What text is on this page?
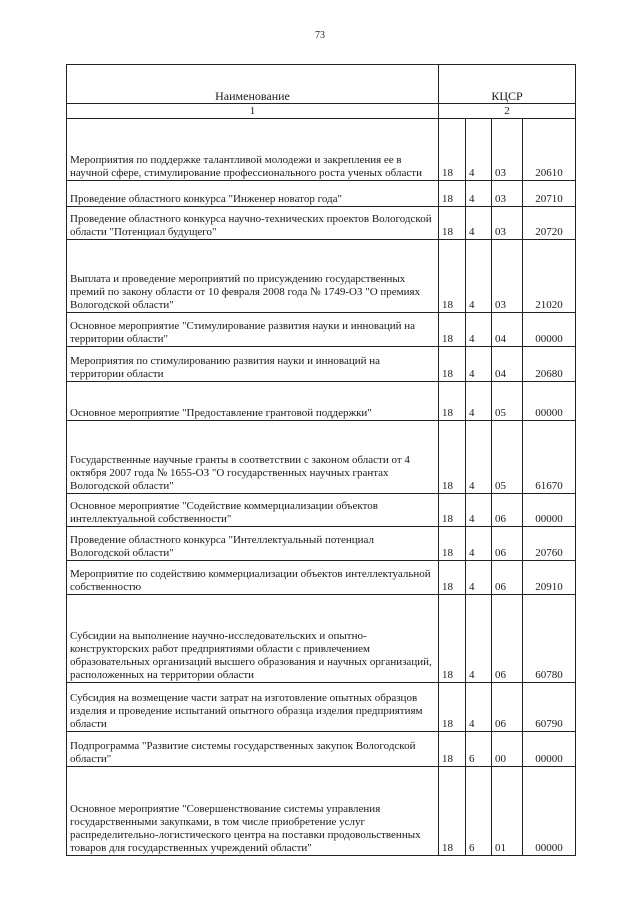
73
Наименование	КЦСР			
1	2			
Мероприятия по поддержке талантливой молодежи и закрепления ее в научной сфере, стимулирование профессионального роста ученых области	18	4	03	20610
Проведение областного конкурса "Инженер новатор года"	18	4	03	20710
Проведение областного конкурса научно-технических проектов Вологодской области "Потенциал будущего"	18	4	03	20720
Выплата и проведение мероприятий по присуждению государственных премий по закону области от 10 февраля 2008 года № 1749-ОЗ "О премиях Вологодской области"	18	4	03	21020
Основное мероприятие "Стимулирование развития науки и инноваций на территории области"	18	4	04	00000
Мероприятия по стимулированию развития науки и инноваций на территории области	18	4	04	20680
Основное мероприятие "Предоставление грантовой поддержки"	18	4	05	00000
Государственные научные гранты в соответствии с законом области от 4 октября 2007 года № 1655-ОЗ "О государственных научных грантах Вологодской области"	18	4	05	61670
Основное мероприятие "Содействие коммерциализации объектов интеллектуальной собственности"	18	4	06	00000
Проведение областного конкурса "Интеллектуальный потенциал Вологодской области"	18	4	06	20760
Мероприятие по содействию коммерциализации объектов интеллектуальной собственностю	18	4	06	20910
Субсидии на выполнение научно-исследовательских и опытно-конструкторских работ предприятиями области с привлечением образовательных организаций высшего образования и научных организаций, расположенных на территории области	18	4	06	60780
Субсидия на возмещение части затрат на изготовление опытных образцов изделия и проведение испытаний опытного образца изделия предприятиям области	18	4	06	60790
Подпрограмма "Развитие системы государственных закупок Вологодской области"	18	6	00	00000
Основное мероприятие "Совершенствование системы управления государственными закупками, в том числе приобретение услуг распределительно-логистического центра на поставки продовольственных товаров для государственных учреждений области"	18	6	01	00000
